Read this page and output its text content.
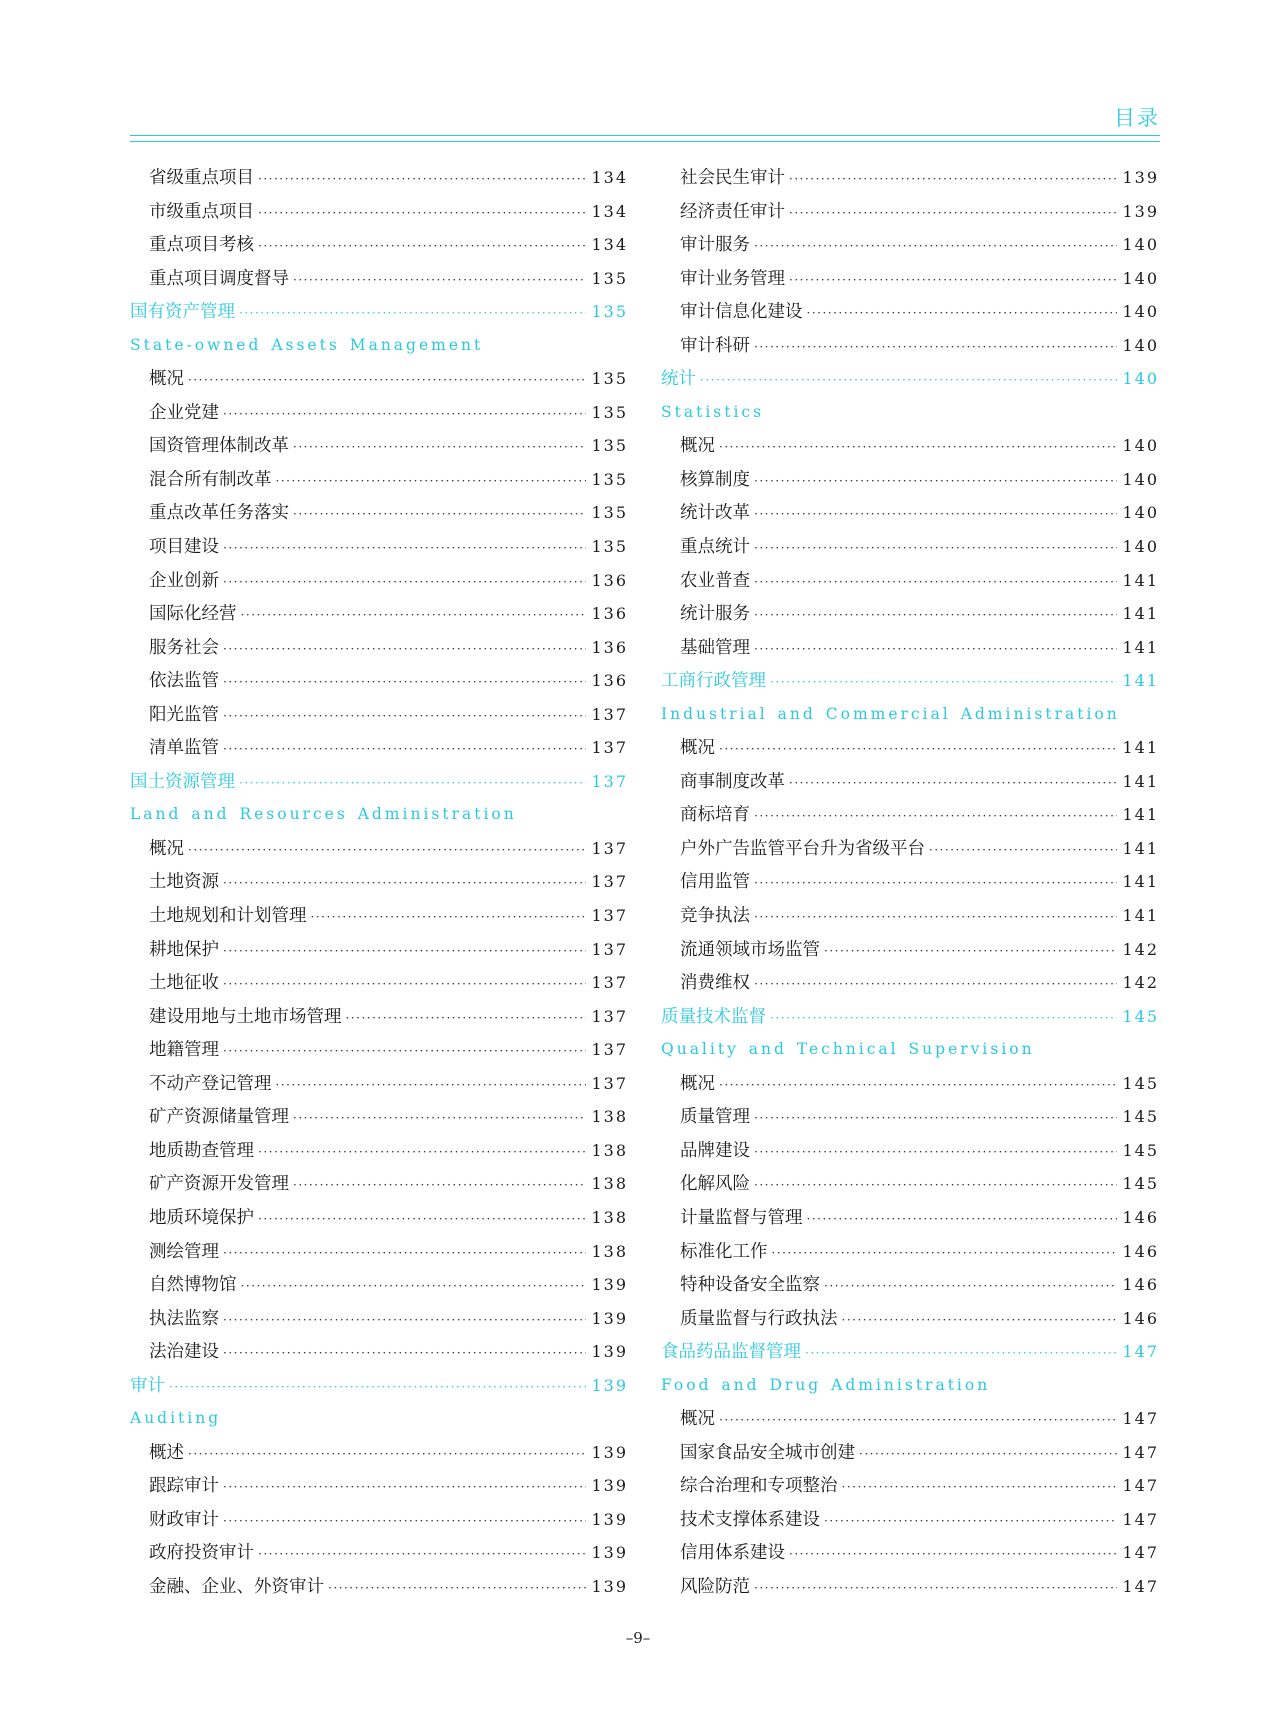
目录
省级重点项目 ·····	134
市级重点项目 ·····	134
重点项目考核 ·····	134
重点项目调度督导 ·····	135
国有资产管理 ·····	135
State-owned Assets Management
概况 ·····	135
企业党建 ·····	135
国资管理体制改革 ·····	135
混合所有制改革 ·····	135
重点改革任务落实 ·····	135
项目建设 ·····	135
企业创新 ·····	136
国际化经营 ·····	136
服务社会 ·····	136
依法监管 ·····	136
阳光监管 ·····	137
清单监管 ·····	137
国土资源管理 ·····	137
Land and Resources Administration
概况 ·····	137
土地资源 ·····	137
土地规划和计划管理 ·····	137
耕地保护 ·····	137
土地征收 ·····	137
建设用地与土地市场管理 ·····	137
地籍管理 ·····	137
不动产登记管理 ·····	137
矿产资源储量管理 ·····	138
地质勘查管理 ·····	138
矿产资源开发管理 ·····	138
地质环境保护 ·····	138
测绘管理 ·····	138
自然博物馆 ·····	139
执法监察 ·····	139
法治建设 ·····	139
审计 ·····	139
Auditing
概述 ·····	139
跟踪审计 ·····	139
财政审计 ·····	139
政府投资审计 ·····	139
金融、企业、外资审计 ·····	139
社会民生审计 ·····	139
经济责任审计 ·····	139
审计服务 ·····	140
审计业务管理 ·····	140
审计信息化建设 ·····	140
审计科研 ·····	140
统计 ·····	140
Statistics
概况 ·····	140
核算制度 ·····	140
统计改革 ·····	140
重点统计 ·····	140
农业普查 ·····	141
统计服务 ·····	141
基础管理 ·····	141
工商行政管理 ·····	141
Industrial and Commercial Administration
概况 ·····	141
商事制度改革 ·····	141
商标培育 ·····	141
户外广告监管平台升为省级平台 ·····	141
信用监管 ·····	141
竞争执法 ·····	141
流通领域市场监管 ·····	142
消费维权 ·····	142
质量技术监督 ·····	145
Quality and Technical Supervision
概况 ·····	145
质量管理 ·····	145
品牌建设 ·····	145
化解风险 ·····	145
计量监督与管理 ·····	146
标准化工作 ·····	146
特种设备安全监察 ·····	146
质量监督与行政执法 ·····	146
食品药品监督管理 ·····	147
Food and Drug Administration
概况 ·····	147
国家食品安全城市创建 ·····	147
综合治理和专项整治 ·····	147
技术支撑体系建设 ·····	147
信用体系建设 ·····	147
风险防范 ·····	147
–9–
